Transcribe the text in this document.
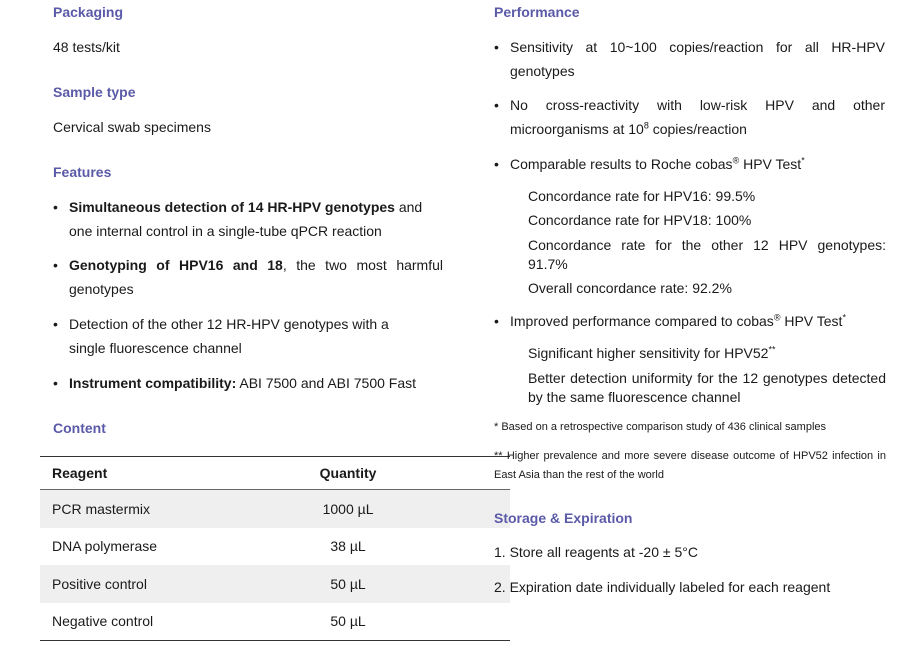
Packaging
48 tests/kit
Sample type
Cervical swab specimens
Features
• Simultaneous detection of 14 HR-HPV genotypes and
one internal control in a single-tube qPCR reaction
• Genotyping of HPV16 and 18, the two most harmful
genotypes
• Detection of the other 12 HR-HPV genotypes with a
single fluorescence channel
• Instrument compatibility: ABI 7500 and ABI 7500 Fast
Content
Reagent	Quantity
PCR mastermix	1000 µL
DNA polymerase	38 µL
Positive control	50 µL
Negative control	50 µL
Performance
• Sensitivity at 10~100 copies/reaction for all HR-HPV
genotypes
• No cross-reactivity with low-risk HPV and other
microorganisms at $10^8$ copies/reaction
• Comparable results to Roche cobas® HPV Test*
Concordance rate for HPV16: 99.5%
Concordance rate for HPV18: 100%
Concordance rate for the other 12 HPV genotypes: 91.7%
Overall concordance rate: 92.2%
• Improved performance compared to cobas® HPV Test*
Significant higher sensitivity for HPV52**
Better detection uniformity for the 12 genotypes detected by the same fluorescence channel
* Based on a retrospective comparison study of 436 clinical samples
** Higher prevalence and more severe disease outcome of HPV52 infection in East Asia than the rest of the world
Storage & Expiration
1. Store all reagents at -20 ± 5°C
2. Expiration date individually labeled for each reagent
